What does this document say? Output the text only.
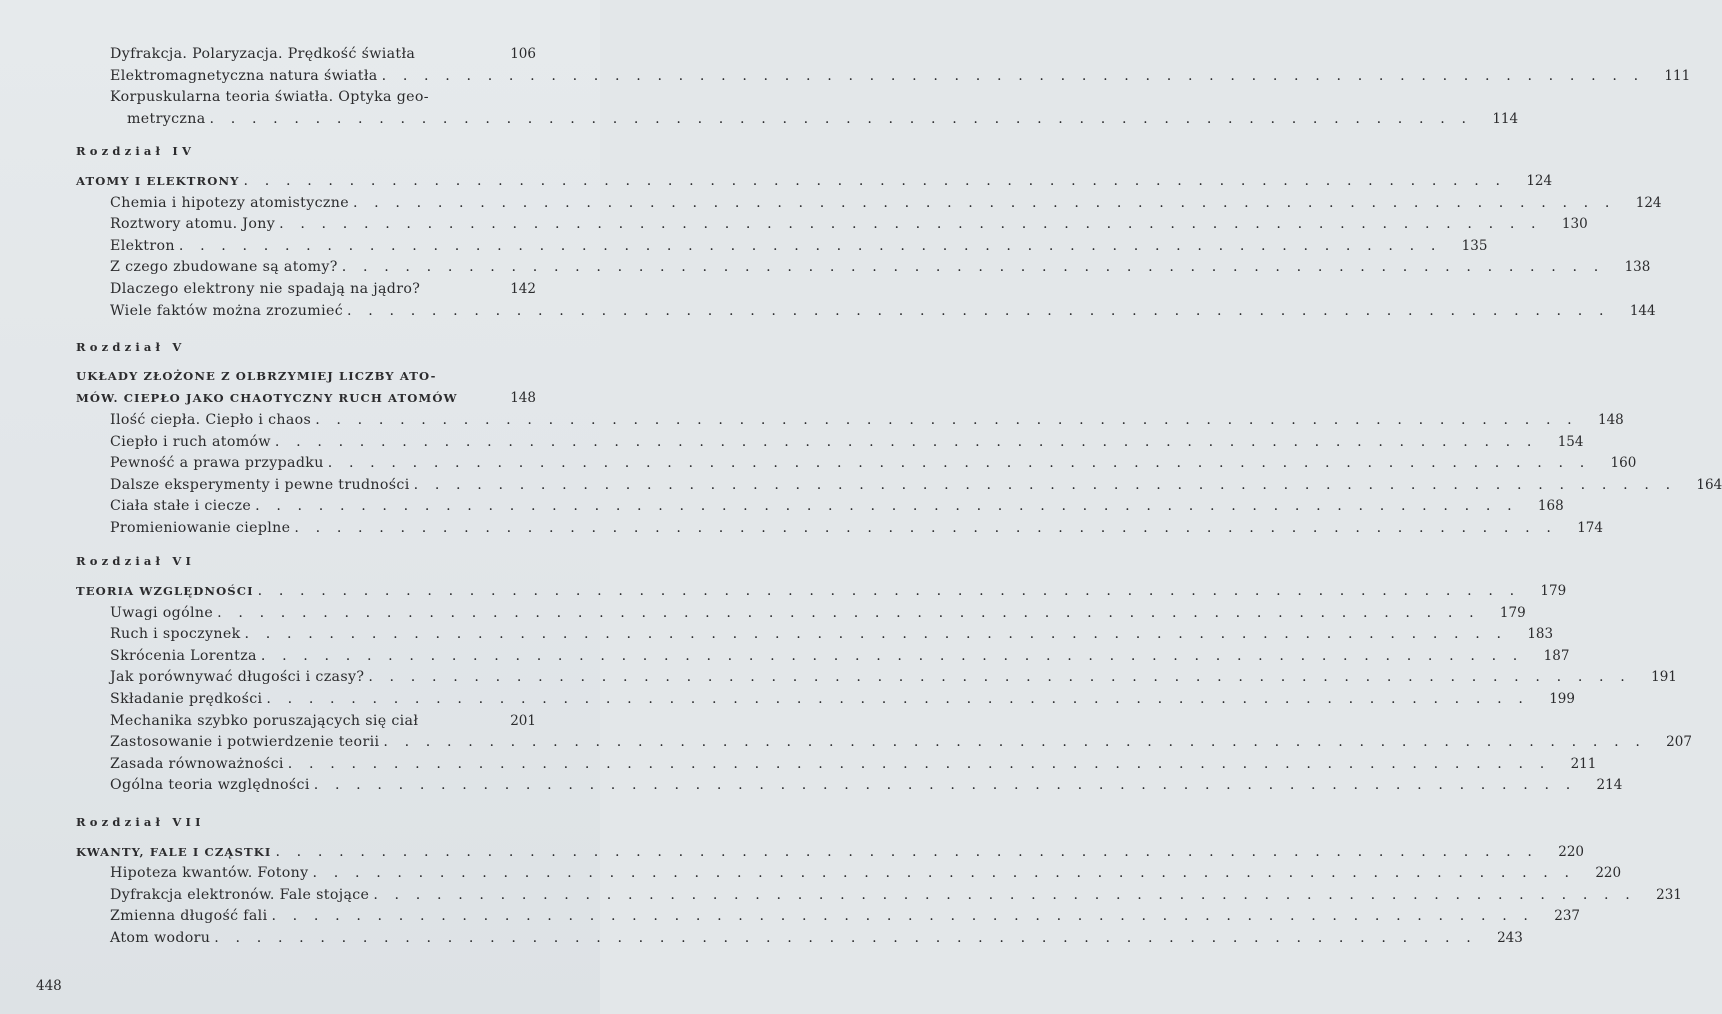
Dyfrakcja. Polaryzacja. Prędkość światła	106
Elektromagnetyczna natura światła . . . . . . . . . . . . . . . . . . . . . . . . . . . . . . . . . . . . . . . . . . . . . . . . . . . . . . . . . . . .	111
Korpuskularna teoria światła. Optyka geo-
metryczna . . . . . . . . . . . . . . . . . . . . . . . . . . . . . . . . . . . . . . . . . . . . . . . . . . . . . . . . . . . .	114
Rozdział IV
ATOMY I ELEKTRONY . . . . . . . . . . . . . . . . . . . . . . . . . . . . . . . . . . . . . . . . . . . . . . . . . . . . . . . . . . . .	124
Chemia i hipotezy atomistyczne . . . . . . . . . . . . . . . . . . . . . . . . . . . . . . . . . . . . . . . . . . . . . . . . . . . . . . . . . . . .	124
Roztwory atomu. Jony . . . . . . . . . . . . . . . . . . . . . . . . . . . . . . . . . . . . . . . . . . . . . . . . . . . . . . . . . . . .	130
Elektron . . . . . . . . . . . . . . . . . . . . . . . . . . . . . . . . . . . . . . . . . . . . . . . . . . . . . . . . . . . .	135
Z czego zbudowane są atomy? . . . . . . . . . . . . . . . . . . . . . . . . . . . . . . . . . . . . . . . . . . . . . . . . . . . . . . . . . . . .	138
Dlaczego elektrony nie spadają na jądro?	142
Wiele faktów można zrozumieć . . . . . . . . . . . . . . . . . . . . . . . . . . . . . . . . . . . . . . . . . . . . . . . . . . . . . . . . . . . .	144
Rozdział V
UKŁADY ZŁOŻONE Z OLBRZYMIEJ LICZBY ATO-
MÓW. CIEPŁO JAKO CHAOTYCZNY RUCH ATOMÓW	148
Ilość ciepła. Ciepło i chaos . . . . . . . . . . . . . . . . . . . . . . . . . . . . . . . . . . . . . . . . . . . . . . . . . . . . . . . . . . . .	148
Ciepło i ruch atomów . . . . . . . . . . . . . . . . . . . . . . . . . . . . . . . . . . . . . . . . . . . . . . . . . . . . . . . . . . . .	154
Pewność a prawa przypadku . . . . . . . . . . . . . . . . . . . . . . . . . . . . . . . . . . . . . . . . . . . . . . . . . . . . . . . . . . . .	160
Dalsze eksperymenty i pewne trudności . . . . . . . . . . . . . . . . . . . . . . . . . . . . . . . . . . . . . . . . . . . . . . . . . . . . . . . . . . . .	164
Ciała stałe i ciecze . . . . . . . . . . . . . . . . . . . . . . . . . . . . . . . . . . . . . . . . . . . . . . . . . . . . . . . . . . . .	168
Promieniowanie cieplne . . . . . . . . . . . . . . . . . . . . . . . . . . . . . . . . . . . . . . . . . . . . . . . . . . . . . . . . . . . .	174
Rozdział VI
TEORIA WZGLĘDNOŚCI . . . . . . . . . . . . . . . . . . . . . . . . . . . . . . . . . . . . . . . . . . . . . . . . . . . . . . . . . . . .	179
Uwagi ogólne . . . . . . . . . . . . . . . . . . . . . . . . . . . . . . . . . . . . . . . . . . . . . . . . . . . . . . . . . . . .	179
Ruch i spoczynek . . . . . . . . . . . . . . . . . . . . . . . . . . . . . . . . . . . . . . . . . . . . . . . . . . . . . . . . . . . .	183
Skrócenia Lorentza . . . . . . . . . . . . . . . . . . . . . . . . . . . . . . . . . . . . . . . . . . . . . . . . . . . . . . . . . . . .	187
Jak porównywać długości i czasy? . . . . . . . . . . . . . . . . . . . . . . . . . . . . . . . . . . . . . . . . . . . . . . . . . . . . . . . . . . . .	191
Składanie prędkości . . . . . . . . . . . . . . . . . . . . . . . . . . . . . . . . . . . . . . . . . . . . . . . . . . . . . . . . . . . .	199
Mechanika szybko poruszających się ciał	201
Zastosowanie i potwierdzenie teorii . . . . . . . . . . . . . . . . . . . . . . . . . . . . . . . . . . . . . . . . . . . . . . . . . . . . . . . . . . . .	207
Zasada równoważności . . . . . . . . . . . . . . . . . . . . . . . . . . . . . . . . . . . . . . . . . . . . . . . . . . . . . . . . . . . .	211
Ogólna teoria względności . . . . . . . . . . . . . . . . . . . . . . . . . . . . . . . . . . . . . . . . . . . . . . . . . . . . . . . . . . . .	214
Rozdział VII
KWANTY, FALE I CZĄSTKI . . . . . . . . . . . . . . . . . . . . . . . . . . . . . . . . . . . . . . . . . . . . . . . . . . . . . . . . . . . .	220
Hipoteza kwantów. Fotony . . . . . . . . . . . . . . . . . . . . . . . . . . . . . . . . . . . . . . . . . . . . . . . . . . . . . . . . . . . .	220
Dyfrakcja elektronów. Fale stojące . . . . . . . . . . . . . . . . . . . . . . . . . . . . . . . . . . . . . . . . . . . . . . . . . . . . . . . . . . . .	231
Zmienna długość fali . . . . . . . . . . . . . . . . . . . . . . . . . . . . . . . . . . . . . . . . . . . . . . . . . . . . . . . . . . . .	237
Atom wodoru . . . . . . . . . . . . . . . . . . . . . . . . . . . . . . . . . . . . . . . . . . . . . . . . . . . . . . . . . . . .	243
448
